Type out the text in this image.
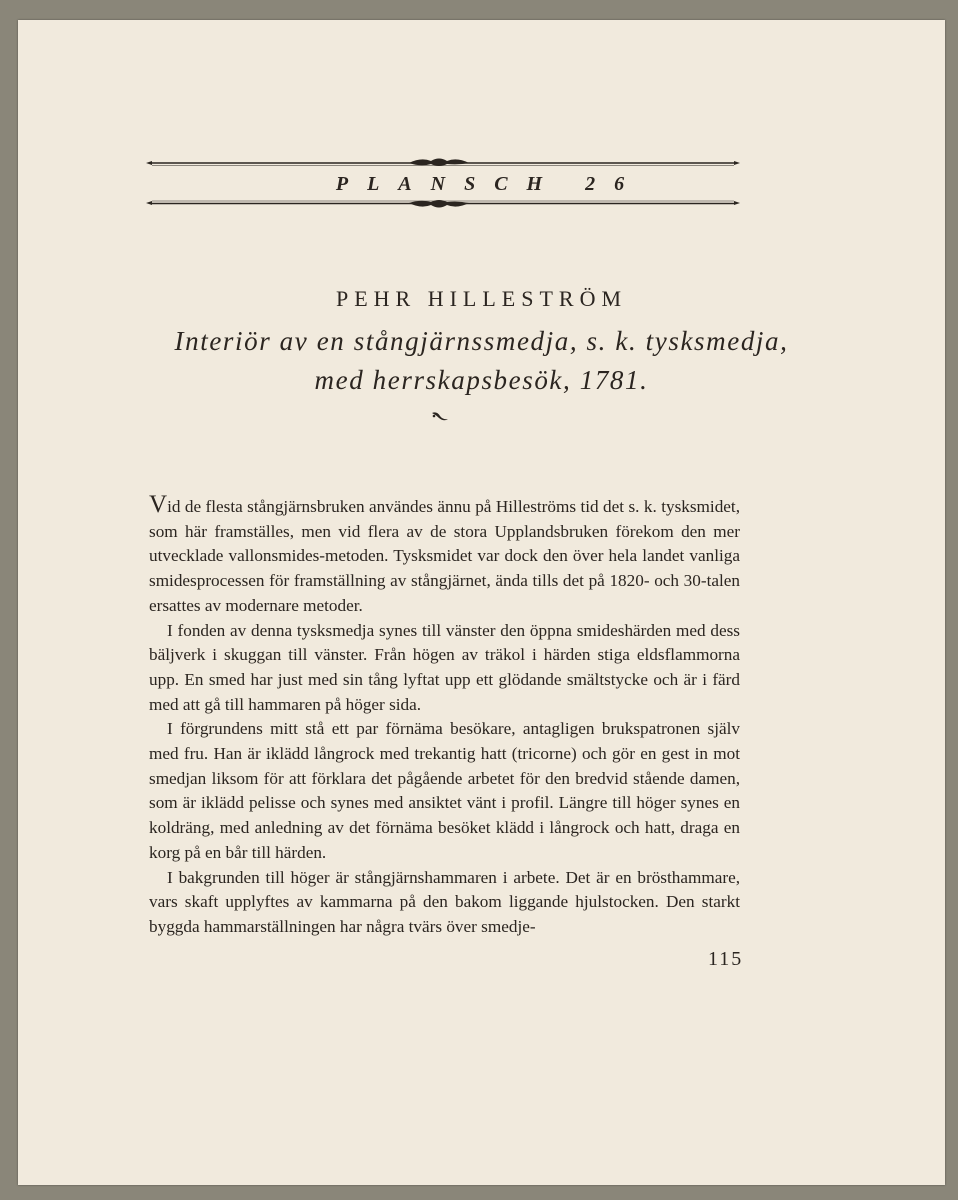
PLANSCH 26
PEHR HILLESTRÖM
Interiör av en stångjärnssmedja, s. k. tysksmedja,
med herrskapsbesök, 1781.

Vid de flesta stångjärnsbruken användes ännu på Hilleströms tid det s. k. tysksmidet, som här framställes, men vid flera av de stora Upplandsbruken förekom den mer utvecklade vallonsmides-metoden. Tysksmidet var dock den över hela landet vanliga smidesprocessen för framställning av stångjärnet, ända tills det på 1820- och 30-talen ersattes av modernare metoder.

I fonden av denna tysksmedja synes till vänster den öppna smideshärden med dess bäljverk i skuggan till vänster. Från högen av träkol i härden stiga eldsflammorna upp. En smed har just med sin tång lyftat upp ett glödande smältstycke och är i färd med att gå till hammaren på höger sida.

I förgrundens mitt stå ett par förnäma besökare, antagligen brukspatronen själv med fru. Han är iklädd långrock med trekantig hatt (tricorne) och gör en gest in mot smedjan liksom för att förklara det pågående arbetet för den bredvid stående damen, som är iklädd pelisse och synes med ansiktet vänt i profil. Längre till höger synes en koldräng, med anledning av det förnäma besöket klädd i långrock och hatt, draga en korg på en bår till härden.

I bakgrunden till höger är stångjärnshammaren i arbete. Det är en brösthammare, vars skaft upplyftes av kammarna på den bakom liggande hjulstocken. Den starkt byggda hammarställningen har några tvärs över smedje-

115
